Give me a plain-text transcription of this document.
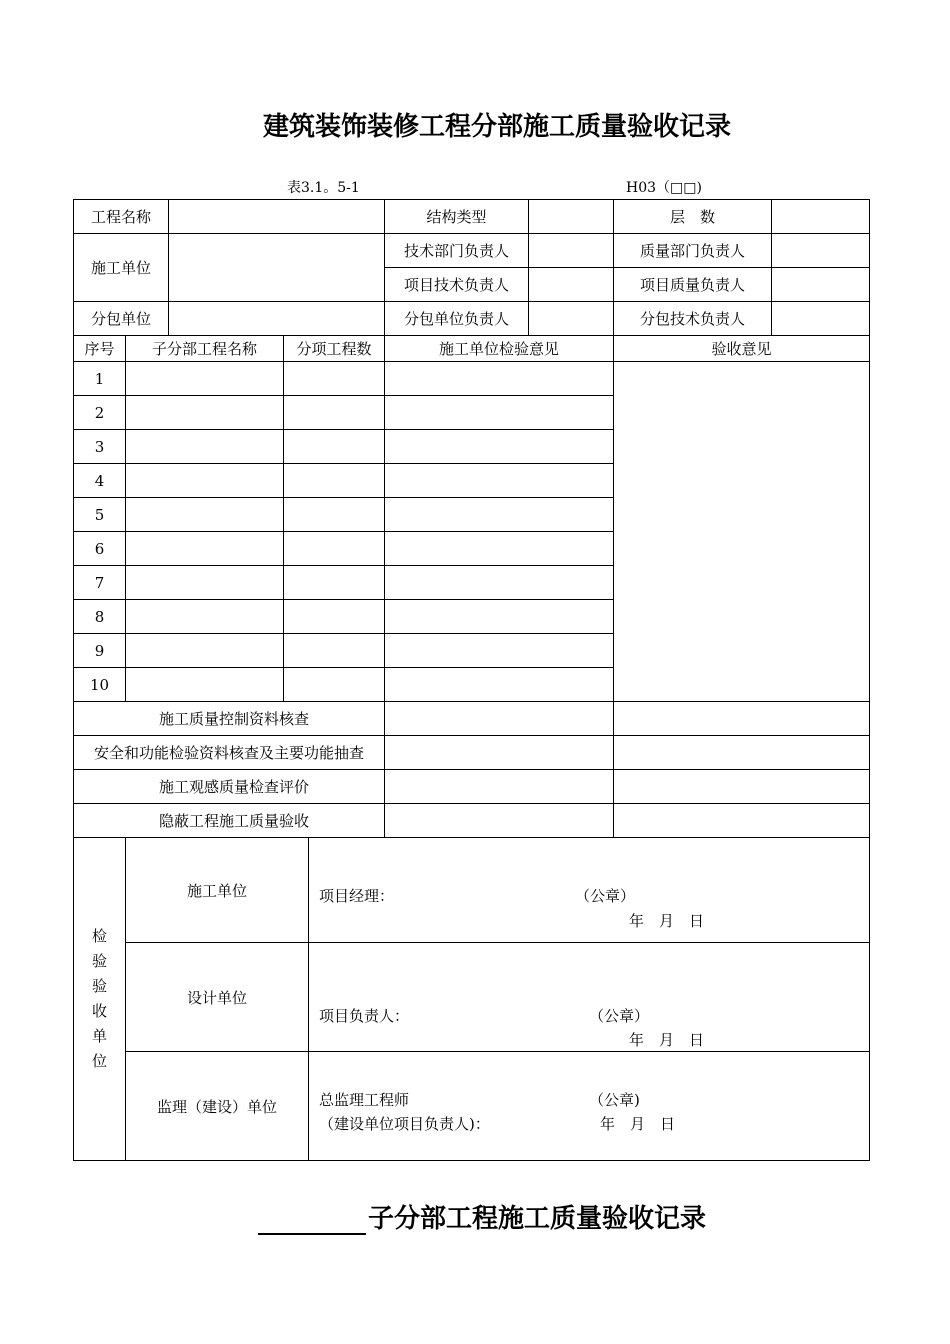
建筑装饰装修工程分部施工质量验收记录
表3.1。5-1	H03（□□)
工程名称					结构类型		层　数	
施工单位					技术部门负责人		质量部门负责人	
					项目技术负责人		项目质量负责人	
分包单位					分包单位负责人		分包技术负责人	
序号	子分部工程名称		分项工程数		施工单位检验意见		验收意见	
1								
2								
3								
4								
5								
6								
7								
8								
9								
10								
施工质量控制资料核查								
安全和功能检验资料核查及主要功能抽查								
施工观感质量检查评价								
隐蔽工程施工质量验收								
检验验收单位	施工单位			项目经理： （公章）
年　月　日				

	设计单位			项目负责人： （公章）
年　月　日				

	监理（建设）单位			总监理工程师
（建设单位项目负责人)：
（公章)
年　月　日				
子分部工程施工质量验收记录
